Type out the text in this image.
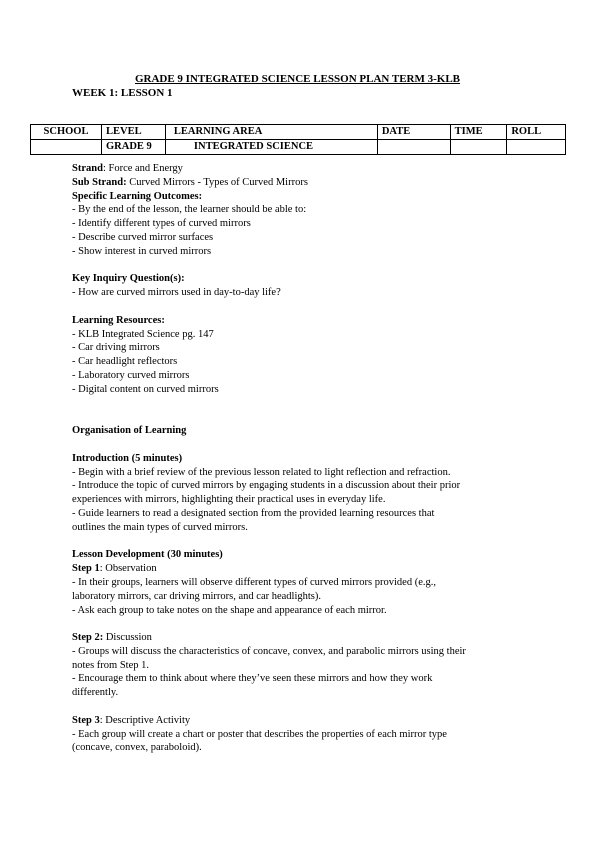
GRADE 9 INTEGRATED SCIENCE LESSON PLAN TERM 3-KLB
WEEK 1: LESSON 1
SCHOOL	LEVEL	LEARNING AREA	DATE	TIME	ROLL
	GRADE 9	INTEGRATED SCIENCE			

Strand: Force and Energy

Sub Strand: Curved Mirrors - Types of Curved Mirrors

Specific Learning Outcomes:

- By the end of the lesson, the learner should be able to:

- Identify different types of curved mirrors

- Describe curved mirror surfaces

- Show interest in curved mirrors

Key Inquiry Question(s):

- How are curved mirrors used in day-to-day life?

Learning Resources:

- KLB Integrated Science pg. 147

- Car driving mirrors

- Car headlight reflectors

- Laboratory curved mirrors

- Digital content on curved mirrors

Organisation of Learning

Introduction (5 minutes)

- Begin with a brief review of the previous lesson related to light reflection and refraction.

- Introduce the topic of curved mirrors by engaging students in a discussion about their prior

experiences with mirrors, highlighting their practical uses in everyday life.

- Guide learners to read a designated section from the provided learning resources that

outlines the main types of curved mirrors.

Lesson Development (30 minutes)

Step 1: Observation

- In their groups, learners will observe different types of curved mirrors provided (e.g.,

laboratory mirrors, car driving mirrors, and car headlights).

- Ask each group to take notes on the shape and appearance of each mirror.

Step 2: Discussion

- Groups will discuss the characteristics of concave, convex, and parabolic mirrors using their

notes from Step 1.

- Encourage them to think about where they’ve seen these mirrors and how they work

differently.

Step 3: Descriptive Activity

- Each group will create a chart or poster that describes the properties of each mirror type

(concave, convex, paraboloid).
